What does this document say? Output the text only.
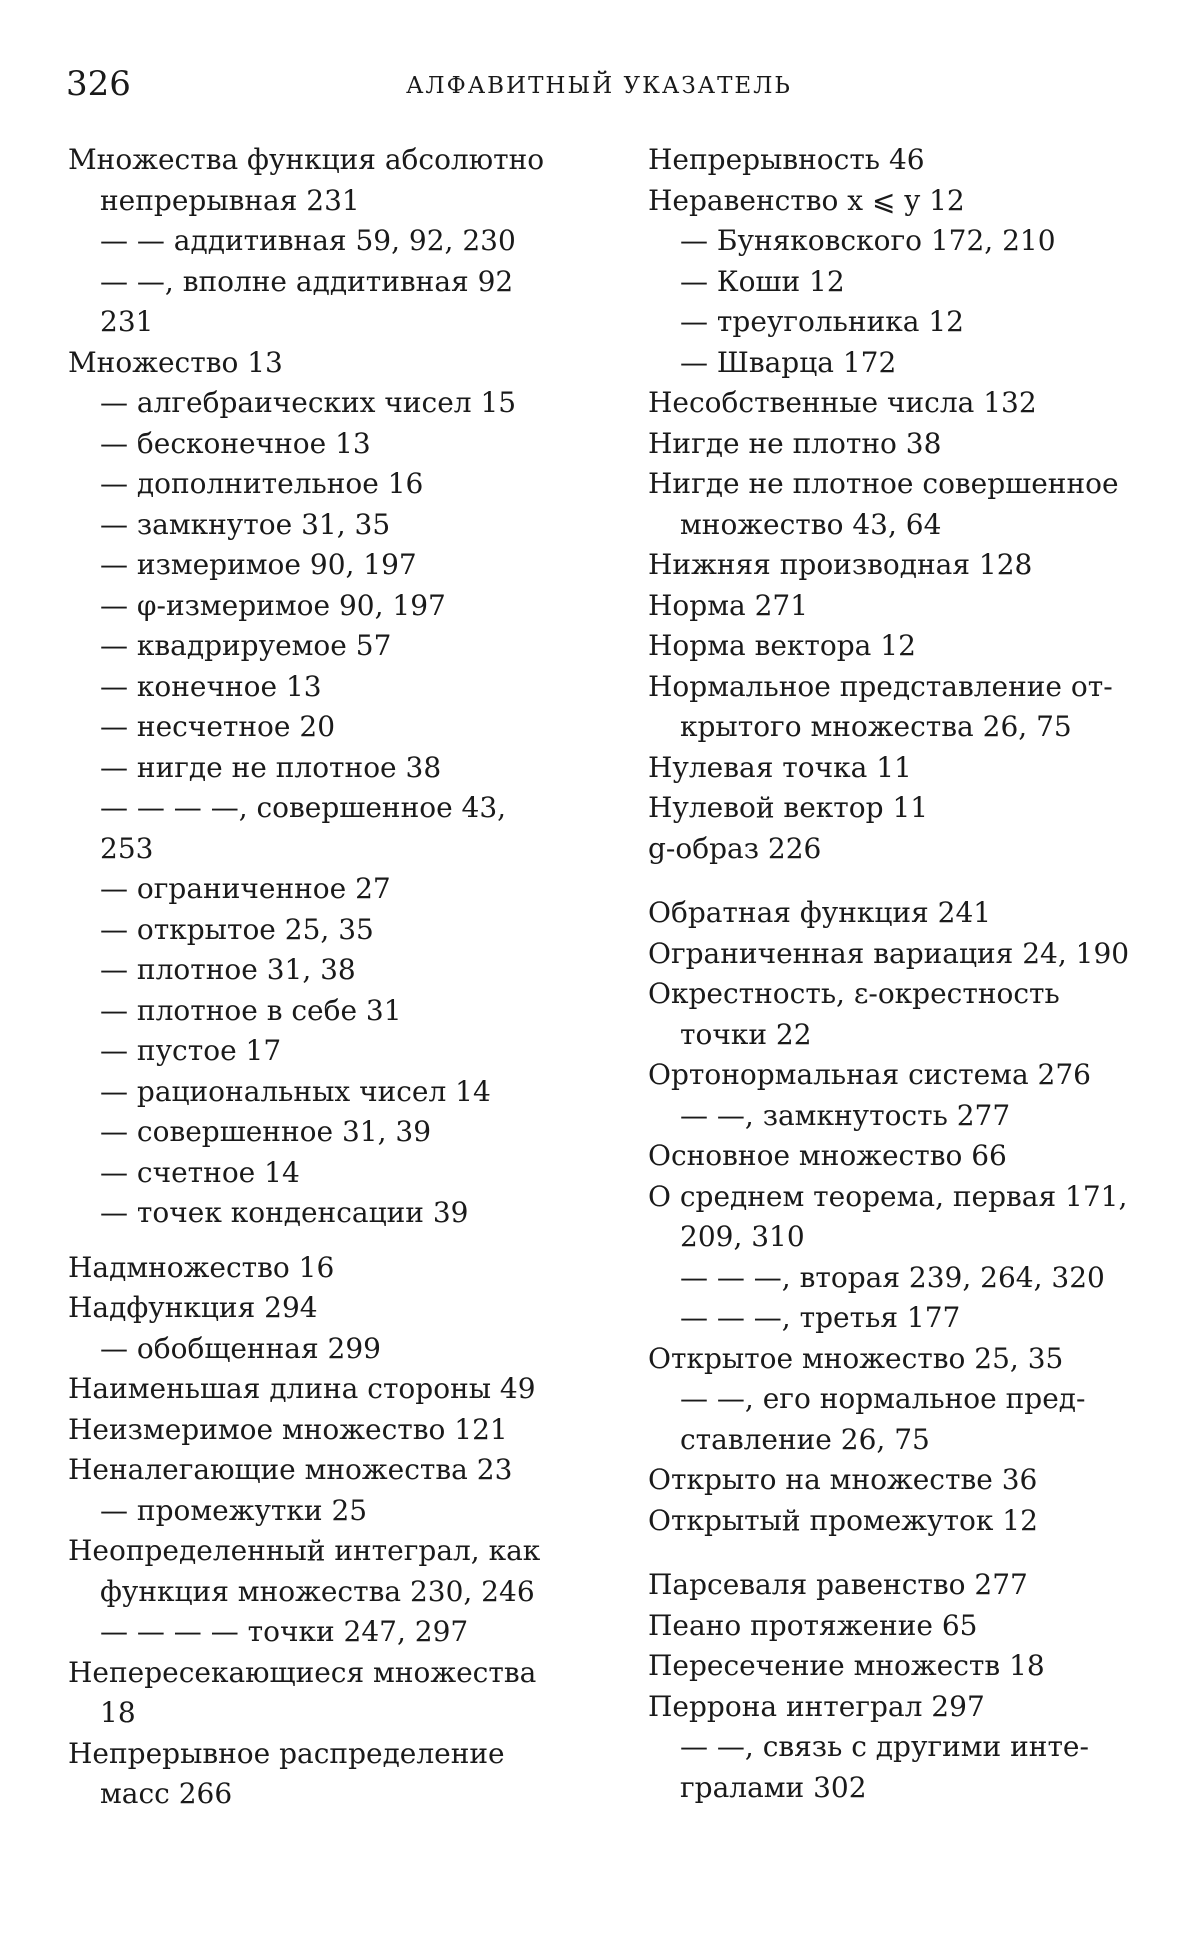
326	АЛФАВИТНЫЙ УКАЗАТЕЛЬ
Множества функция абсолютно
непрерывная 231
— — аддитивная 59, 92, 230
— —, вполне аддитивная 92
231
Множество 13
— алгебраических чисел 15
— бесконечное 13
— дополнительное 16
— замкнутое 31, 35
— измеримое 90, 197
— φ-измеримое 90, 197
— квадрируемое 57
— конечное 13
— несчетное 20
— нигде не плотное 38
— — — —, совершенное 43,
253
— ограниченное 27
— открытое 25, 35
— плотное 31, 38
— плотное в себе 31
— пустое 17
— рациональных чисел 14
— совершенное 31, 39
— счетное 14
— точек конденсации 39
Надмножество 16
Надфункция 294
— обобщенная 299
Наименьшая длина стороны 49
Неизмеримое множество 121
Неналегающие множества 23
— промежутки 25
Неопределенный интеграл, как
функция множества 230, 246
— — — — точки 247, 297
Непересекающиеся множества
18
Непрерывное распределение
масс 266
Непрерывность 46
Неравенство x ⩽ y 12
— Буняковского 172, 210
— Коши 12
— треугольника 12
— Шварца 172
Несобственные числа 132
Нигде не плотно 38
Нигде не плотное совершенное
множество 43, 64
Нижняя производная 128
Норма 271
Норма вектора 12
Нормальное представление от-
крытого множества 26, 75
Нулевая точка 11
Нулевой вектор 11
g-образ 226
Обратная функция 241
Ограниченная вариация 24, 190
Окрестность, ε-окрестность
точки 22
Ортонормальная система 276
— —, замкнутость 277
Основное множество 66
О среднем теорема, первая 171,
209, 310
— — —, вторая 239, 264, 320
— — —, третья 177
Открытое множество 25, 35
— —, его нормальное пред-
ставление 26, 75
Открыто на множестве 36
Открытый промежуток 12
Парсеваля равенство 277
Пеано протяжение 65
Пересечение множеств 18
Перрона интеграл 297
— —, связь с другими инте-
гралами 302
